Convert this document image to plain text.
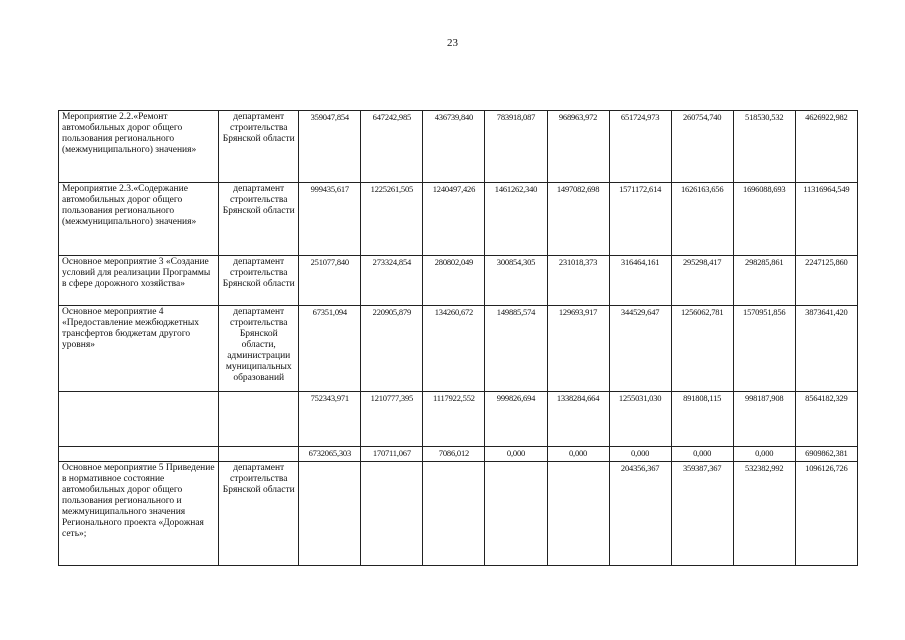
23
Мероприятие 2.2.«Ремонт автомобильных дорог общего пользования регионального (межмуниципального) значения»	департамент строительства Брянской области	359047,854	647242,985	436739,840	783918,087	968963,972	651724,973	260754,740	518530,532	4626922,982
Мероприятие 2.3.«Содержание автомобильных дорог общего пользования регионального (межмуниципального) значения»	департамент строительства Брянской области	999435,617	1225261,505	1240497,426	1461262,340	1497082,698	1571172,614	1626163,656	1696088,693	11316964,549
Основное мероприятие 3 «Создание условий для реализации Программы в сфере дорожного хозяйства»	департамент строительства Брянской области	251077,840	273324,854	280802,049	300854,305	231018,373	316464,161	295298,417	298285,861	2247125,860
Основное мероприятие 4 «Предоставление межбюджетных трансфертов бюджетам другого уровня»	департамент строительства Брянской области, администрации муниципальных образований	67351,094	220905,879	134260,672	149885,574	129693,917	344529,647	1256062,781	1570951,856	3873641,420
		752343,971	1210777,395	1117922,552	999826,694	1338284,664	1255031,030	891808,115	998187,908	8564182,329
		6732065,303	170711,067	7086,012	0,000	0,000	0,000	0,000	0,000	6909862,381
Основное мероприятие 5 Приведение в нормативное состояние автомобильных дорог общего пользования регионального и межмуниципального значения Регионального проекта «Дорожная сеть»;	департамент строительства Брянской области						204356,367	359387,367	532382,992	1096126,726
